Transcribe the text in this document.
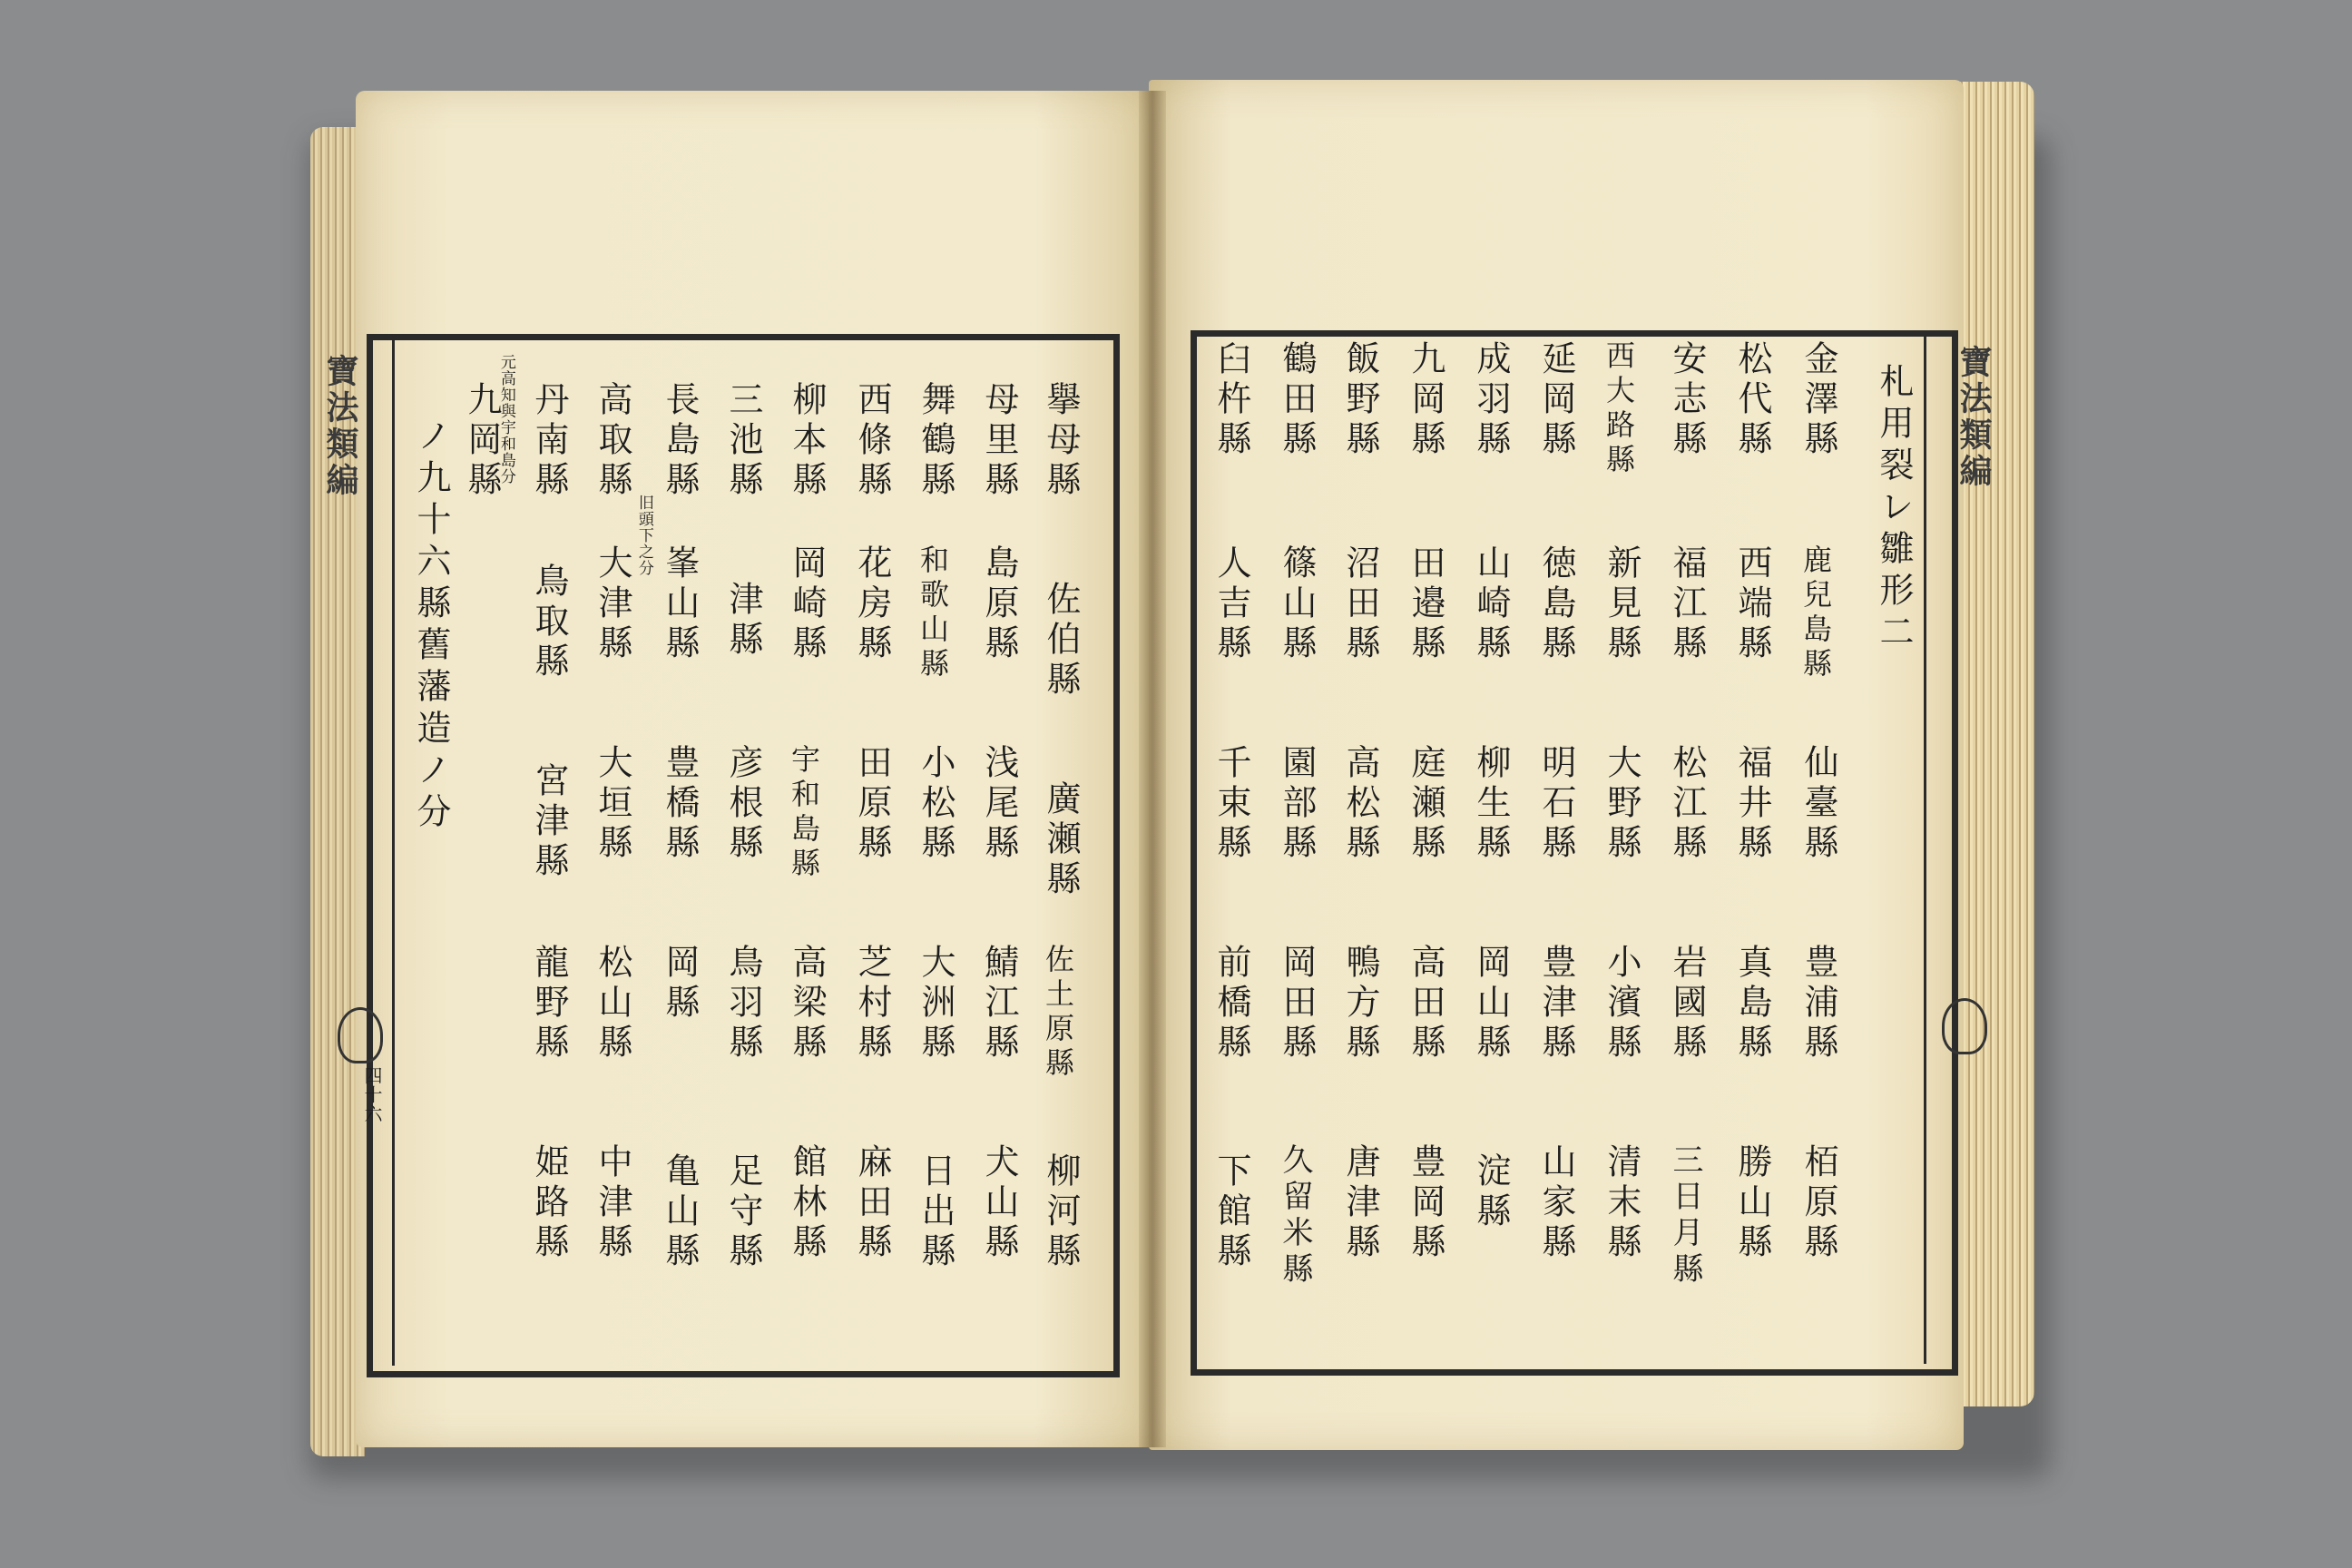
寶法類編	寶法類編
四十六
擧母縣
佐伯縣
廣瀬縣
佐土原縣
柳河縣
母里縣
島原縣
浅尾縣
鯖江縣
犬山縣
舞鶴縣
和歌山縣
小松縣
大洲縣
日出縣
西條縣
花房縣
田原縣
芝村縣
麻田縣
柳本縣
岡崎縣
宇和島縣
高梁縣
館林縣
三池縣
津縣
彦根縣
鳥羽縣
足守縣
長島縣
峯山縣
豊橋縣
岡縣
亀山縣
高取縣
旧頭下之分
大津縣
大垣縣
松山縣
中津縣
丹南縣
鳥取縣
宮津縣
龍野縣
姫路縣
元高知與宇和島分
九岡縣
ノ九十六縣舊藩造ノ分	札用裂レ雛形二
金澤縣
鹿兒島縣
仙臺縣
豊浦縣
栢原縣
松代縣
西端縣
福井縣
真島縣
勝山縣
安志縣
福江縣
松江縣
岩國縣
三日月縣
西大路縣
新見縣
大野縣
小濱縣
清末縣
延岡縣
徳島縣
明石縣
豊津縣
山家縣
成羽縣
山崎縣
柳生縣
岡山縣
淀縣
九岡縣
田邉縣
庭瀬縣
高田縣
豊岡縣
飯野縣
沼田縣
高松縣
鴨方縣
唐津縣
鶴田縣
篠山縣
園部縣
岡田縣
久留米縣
臼杵縣
人吉縣
千束縣
前橋縣
下館縣
